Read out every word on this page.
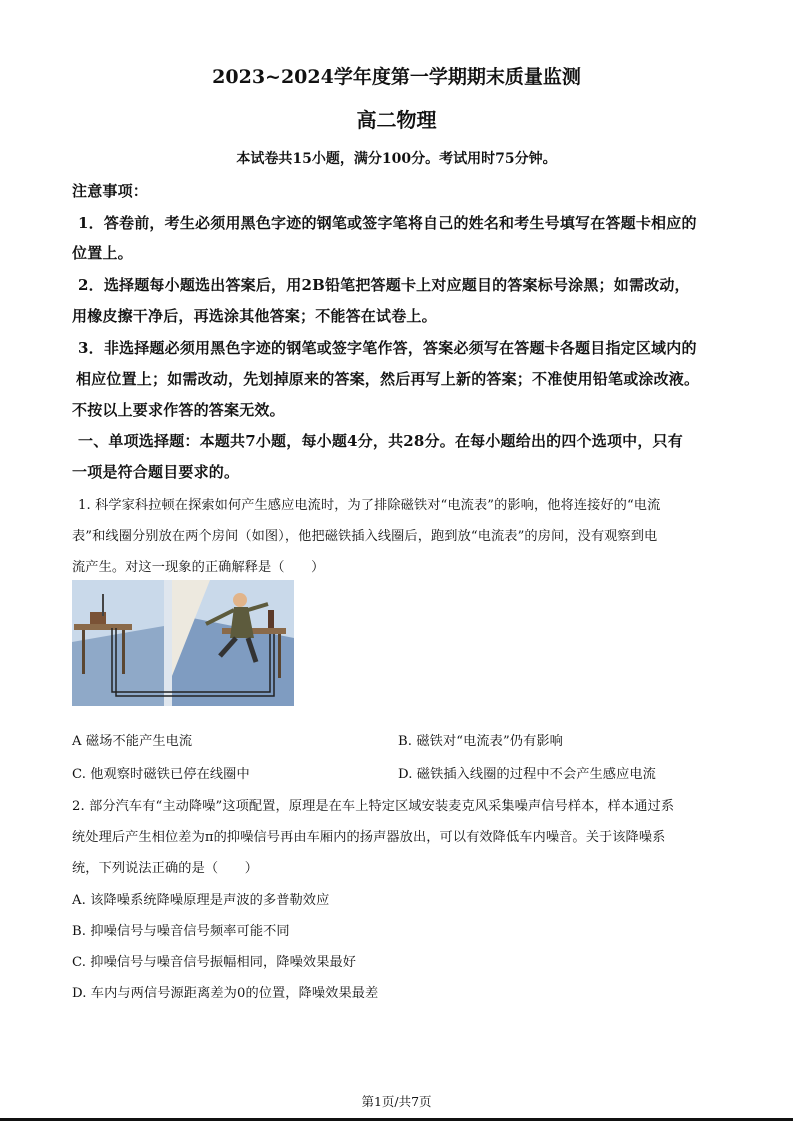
2023~2024学年度第一学期期末质量监测
高二物理
本试卷共15小题，满分100分。考试用时75分钟。
注意事项：
1．答卷前，考生必须用黑色字迹的钢笔或签字笔将自己的姓名和考生号填写在答题卡相应的
位置上。
2．选择题每小题选出答案后，用2B铅笔把答题卡上对应题目的答案标号涂黑；如需改动，
用橡皮擦干净后，再选涂其他答案；不能答在试卷上。
3．非选择题必须用黑色字迹的钢笔或签字笔作答，答案必须写在答题卡各题目指定区域内的
相应位置上；如需改动，先划掉原来的答案，然后再写上新的答案；不准使用铅笔或涂改液。
不按以上要求作答的答案无效。
一、单项选择题：本题共7小题，每小题4分，共28分。在每小题给出的四个选项中，只有
一项是符合题目要求的。
1. 科学家科拉顿在探索如何产生感应电流时，为了排除磁铁对“电流表”的影响，他将连接好的“电流
表”和线圈分别放在两个房间（如图），他把磁铁插入线圈后，跑到放“电流表”的房间，没有观察到电
流产生。对这一现象的正确解释是（　　）
A 磁场不能产生电流	B. 磁铁对“电流表”仍有影响
C. 他观察时磁铁已停在线圈中	D. 磁铁插入线圈的过程中不会产生感应电流
2. 部分汽车有“主动降噪”这项配置，原理是在车上特定区域安装麦克风采集噪声信号样本，样本通过系
统处理后产生相位差为π的抑噪信号再由车厢内的扬声器放出，可以有效降低车内噪音。关于该降噪系
统，下列说法正确的是（　　）
A. 该降噪系统降噪原理是声波的多普勒效应
B. 抑噪信号与噪音信号频率可能不同
C. 抑噪信号与噪音信号振幅相同，降噪效果最好
D. 车内与两信号源距离差为0的位置，降噪效果最差
第1页/共7页
